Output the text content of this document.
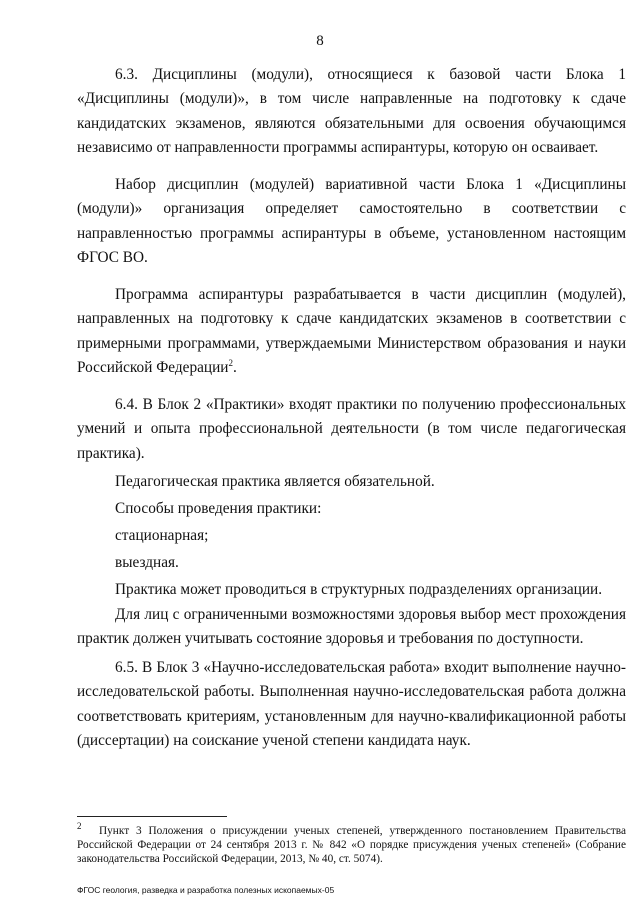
8

6.3. Дисциплины (модули), относящиеся к базовой части Блока 1 «Дисциплины (модули)», в том числе направленные на подготовку к сдаче кандидатских экзаменов, являются обязательными для освоения обучающимся независимо от направленности программы аспирантуры, которую он осваивает.

Набор дисциплин (модулей) вариативной части Блока 1 «Дисциплины (модули)» организация определяет самостоятельно в соответствии с направленностью программы аспирантуры в объеме, установленном настоящим ФГОС ВО.

Программа аспирантуры разрабатывается в части дисциплин (модулей), направленных на подготовку к сдаче кандидатских экзаменов в соответствии с примерными программами, утверждаемыми Министерством образования и науки Российской Федерации$^2$.

6.4. В Блок 2 «Практики» входят практики по получению профессиональных умений и опыта профессиональной деятельности (в том числе педагогическая практика).

Педагогическая практика является обязательной.

Способы проведения практики:

стационарная;

выездная.

Практика может проводиться в структурных подразделениях организации.

Для лиц с ограниченными возможностями здоровья выбор мест прохождения практик должен учитывать состояние здоровья и требования по доступности.

6.5. В Блок 3 «Научно-исследовательская работа» входит выполнение научно-исследовательской работы. Выполненная научно-исследовательская работа должна соответствовать критериям, установленным для научно-квалификационной работы (диссертации) на соискание ученой степени кандидата наук.

$^2$ Пункт 3 Положения о присуждении ученых степеней, утвержденного постановлением Правительства Российской Федерации от 24 сентября 2013 г. № 842 «О порядке присуждения ученых степеней» (Собрание законодательства Российской Федерации, 2013, № 40, ст. 5074).

ФГОС геология, разведка и разработка полезных ископаемых-05
